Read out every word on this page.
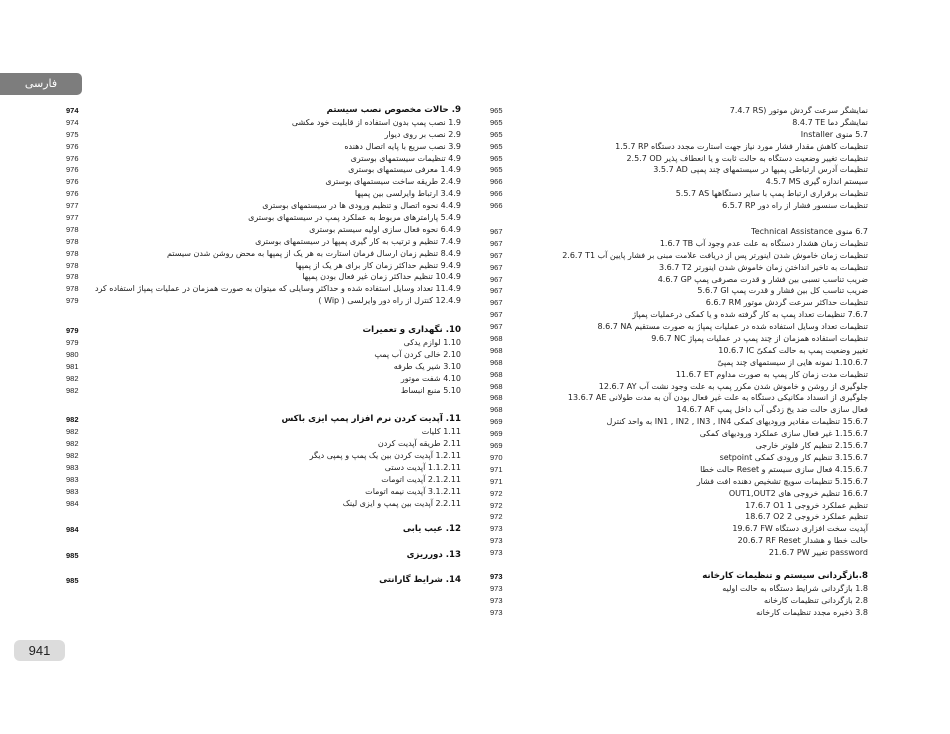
فارسی
965	7.4.7 RS) نمایشگر سرعت گردش موتور
965	8.4.7 TE نمایشگر دما
965	5.7 منوی Installer
965	1.5.7 RP تنظیمات کاهش مقدار فشار مورد نیاز جهت استارت مجدد دستگاه
965	2.5.7 OD تنظیمات تغییر وضعیت دستگاه به حالت ثابت و یا انعطاف پذیر
965	3.5.7 AD تنظیمات آدرس ارتباطی پمپها در سیستمهای چند پمپی
966	4.5.7 MS سیستم اندازه گیری
966	5.5.7 AS تنظیمات برقراری ارتباط پمپ با سایر دستگاهها
966	6.5.7 RP تنظیمات سنسور فشار از راه دور
967	6.7 منوی Technical Assistance
967	1.6.7 TB تنظیمات زمان هشدار دستگاه به علت عدم وجود آب
967	2.6.7 T1 تنظیمات زمان خاموش شدن اینورتر پس از دریافت علامت مبنی بر فشار پایین آب
967	3.6.7 T2 تنظیمات به تاخیر انداختن زمان خاموش شدن اینورتر
967	4.6.7 GP ضریب تناسب نسبی بین فشار و قدرت مصرفی پمپ
967	5.6.7 GI ضریب تناسب کل بین فشار و قدرت پمپ
967	6.6.7 RM تنظیمات حداکثر سرعت گردش موتور
967	7.6.7 تنظیمات تعداد پمپ به کار گرفته شده و یا کمکی درعملیات پمپاژ
967	8.6.7 NA تنظیمات تعداد وسایل استفاده شده در عملیات پمپاژ به صورت مستقیم
968	9.6.7 NC تنظیمات استفاده همزمان از چند پمپ در عملیات پمپاژ
968	10.6.7 IC تغییر وضعیت پمپ به حالت کمکیّ
968	1.10.6.7 نمونه هایی از سیستمهای چند پمپیّ
968	11.6.7 ET تنظیمات مدت زمان کار پمپ به صورت مداوم
968	12.6.7 AY جلوگیری از روشن و خاموش شدن مکرر پمپ به علت وجود نشت آب
968	13.6.7 AE جلوگیری از انسداد مکانیکی دستگاه به علت غیر فعال بودن آن به مدت طولانی
968	14.6.7 AF فعال سازی حالت ضد یخ زدگی آب داخل پمپ
969	15.6.7 تنظیمات مقادیر ورودیهای کمکی IN1 , IN2 , IN3 , IN4 به واحد کنترل
969	1.15.6.7 غیر فعال سازی عملکرد ورودیهای کمکی
969	2.15.6.7 تنظیم کار فلوتر خارجی
970	3.15.6.7 تنظیم کار ورودی کمکی setpoint
971	4.15.6.7 فعال سازی سیستم و Reset حالت خطا
971	5.15.6.7 تنظیمات سویچ تشخیص دهنده افت فشار
972	16.6.7 تنظیم خروجی های OUT1,OUT2
972	17.6.7 O1 تنظیم عملکرد خروجی 1
972	18.6.7 O2 تنظیم عملکرد خروجی 2
973	19.6.7 FW آپدیت سخت افزاری دستگاه
973	20.6.7 RF Reset حالت خطا و هشدار
973	21.6.7 PW تغییر password
973	8.بازگردانی سیستم و تنظیمات کارخانه
973	1.8 بازگردانی شرایط دستگاه به حالت اولیه
973	2.8 بازگردانی تنظیمات کارخانه
973	3.8 ذخیره مجدد تنظیمات کارخانه
974	9. حالات مخصوص نصب سیستم
974	1.9 نصب پمپ بدون استفاده از قابلیت خود مکشی
975	2.9 نصب بر روی دیوار
976	3.9 نصب سریع با پایه اتصال دهنده
976	4.9 تنظیمات سیستمهای بوستری
976	1.4.9 معرفی سیستمهای بوستری
976	2.4.9 طریقه ساخت سیستمهای بوستری
976	3.4.9 ارتباط وایرلسی بین پمپها
977	4.4.9 نحوه اتصال و تنظیم ورودی ها در سیستمهای بوستری
977	5.4.9 پارامترهای مربوط به عملکرد پمپ در سیستمهای بوستری
978	6.4.9 نحوه فعال سازی اولیه سیستم بوستری
978	7.4.9 تنظیم و ترتیب به کار گیری پمپها در سیستمهای بوستری
978	8.4.9 تنظیم زمان ارسال فرمان استارت به هر یک از پمپها به محض روشن شدن سیستم
978	9.4.9 تنظیم حداکثر زمان کار برای هر یک از پمپها
978	10.4.9 تنظیم حداکثر زمان غیر فعال بودن پمپها
978 11.4.9 تعداد وسایل استفاده شده و حداکثر وسایلی که میتوان به صورت همزمان در عملیات پمپاژ استفاده کرد
979	12.4.9 کنترل از راه دور وایرلسی ( Wip )
979	10. نگهداری و تعمیرات
979	1.10 لوازم یدکی
980	2.10 خالی کردن آب پمپ
981	3.10 شیر یک طرفه
982	4.10 شفت موتور
982	5.10 منبع انبساط
982	11. آپدیت کردن نرم افزار پمپ ایزی باکس
982	1.11 کلیات
982	2.11 طریقه آپدیت کردن
982	1.2.11 آپدیت کردن بین یک پمپ و پمپی دیگر
983	1.1.2.11 آپدیت دستی
983	2.1.2.11 آپدیت اتومات
983	3.1.2.11 آپدیت نیمه اتومات
984	2.2.11 آپدیت بین پمپ و ایزی لینک
984	12. عیب یابی
985	13. دورریزی
985	14. شرایط گارانتی
941
